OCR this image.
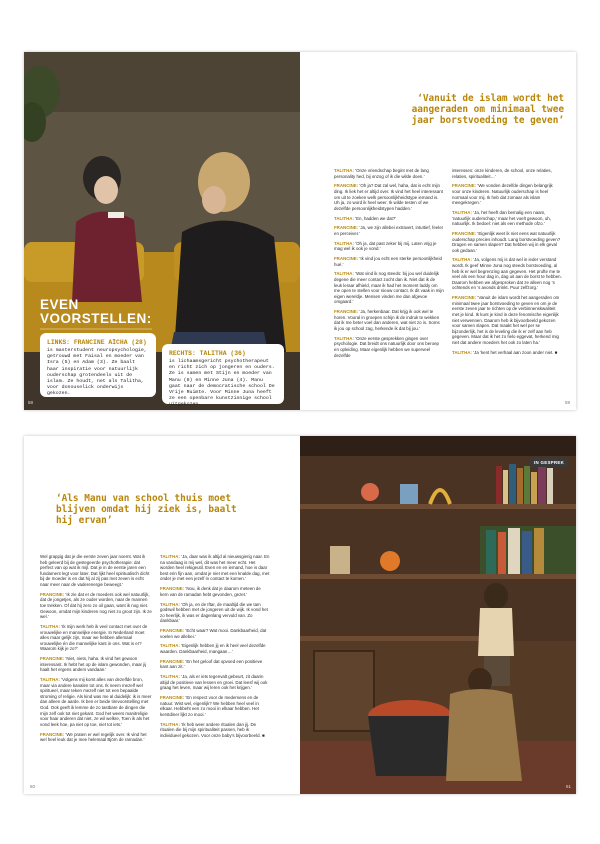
EVEN VOORSTELLEN:
LINKS: FRANCINE AÏCHA (28)
is masterstudent neuropsychologie, getrouwd met Faisal en moeder van Isra (5) en Adam (3). Ze baalt haar inspiratie voor natuurlijk ouderschap grotendeels uit de islam. Ze houdt, net als Talitha, voor donouselick onderwijs gekozen.
RECHTS: TALITHA (36)
is lichaamsgericht psychotherapeut en richt zich op jongeren en ouders. Ze is samen met Stijn en moeder van Manu (8) en Minne Juna (4). Manu gaat naar de democratische school De Vrije Ruimte. Voor Minne Juna heeft ze een openbare kunstzinnige school uitgekozen.
58
‘Vanuit de islam wordt het aangeraden om minimaal twee jaar borstvoeding te geven’

TALITHA: ‘Onze vriendschap begint met de lang personality hed, bij onzog of ik die wilde doen.’

FRANCINE: ‘Oh ja? Dat zal wel, haha, dat is echt mijn ding. Ik liek het er altijd over. Ik vind het heel interessant om uit te zoeken welk persoonlijkheidstype iemand is. Uh ja, zo word ik heel weer. Ik wilde testen of we dezelfde persoonlijkheidstypen hadden.’

TALITHA: ‘En, hadden we dat?’

FRANCINE: ‘Ja, we zijn allebei extravert, intuïtief, feeler en perceiver.’

TALITHA: ‘Oh ja, dat past zeker bij mij. Laten vrijg je mag wel ik ook je vond.’

FRANCINE: ‘Ik vind jou echt een sterke persoonlijkheid hué.’

TALITHA: ‘Wat vind ik nog steeds: bij jou wel duidelijk degene die meer contact zocht dan ik. Niet dat ik de leuk leraar afhield, maar ik had het moment laddy om me open te stellen voor nieuw contact. Ik dit vaak in mijn eigen wereldje. Mensen vinden me dan afgevoe omgaard.’

FRANCINE: ‘Ja, herkenbaar. Dat krijg ik ook wel te horen. Vooral in groepen schijn ik de indruk te wekken dat ik me beter voel dan anderen, wat niet zo is. Soms ik jou op school zag, herkende ik dat bij jou.’

TALITHA: ‘Onze eerste gesprekken gingen over psychologie. Dat breidt ons natuurlijk door ons beroep en opleiding. Maar eigenlijk hebben we superveel dezelfde

interesses: onze kinderen, de school, onze relaties, relaties, spiritualiteit…’

FRANCINE: ‘We vonden dezelfde dingen belangrijk voor onze kinderen. Natuurlijk ouderschap is heel normaal voor mij. Ik heb dat zomaar als islam meegekregen.’

TALITHA: ‘Ja, het heeft dan bemalig een naam, ‘natuurlijk ouderschap,’ maar het voelt gewoon, uh, natuurlijk. Ik bedoel: niet als een methode ofzo.’

FRANCINE: ‘Eigenlijk weet ik niet eens wat natuurlijk ouderschap precies inhoudt. Lang borstvoeding geven? Dragen en samen slapen? Dat hebben wij in elk geval ook gedaan.’

TALITHA: ‘Ja, volgens mij is dat wel in ieder verstand wordt. Ik geef Minne Juna nog steeds borstvoeding, al heb ik er wel begrenzing aan gegeven. Het prufte me te veel als een hour dag in, dag uit aan de borst te hebben. Daarom hebben we afgesproken dat ze alleen nog ‘s ochtends en ‘s avonds drinkt. Puur zelfzorg.’

FRANCINE: ‘Vanuit de islam wordt het aangeraden om minimaal twee jaar borstvoeding te geven en om je de eerste zeven jaar te richten op de verbinnenskwaliteit met je kind. Ik kunt je kind in deze fenomische eigenlijk niet verwennen. Daarom heb ik bijvoorbeeld gekozen voor samen slapen. Dat maakt het wel per se bijzonderlijk, het is de leveling die ik er zelf aan heb gegeven. Maar dat ik het zo fielo eggevat, herkend mig niet dat andere moeders het ook zo laten ha.’

TALITHA: ‘Ja ‘kent het verhaal aan zoon ander niet. ■

59
‘Als Manu van school thuis moet blijven omdat hij ziek is, baalt hij ervan’

Wel grappig dat je die eerste zeven jaar noemt. Wat ik heb geleerd bij de gestegeerde psychotherapie: dat perfect van op wat ik mijl. Dat je in de eerste jaren een fundament legt voor later. Dat lijkt heel spiritualisch dicht bij de moeder is en dat hij al zij pas met zeven is echt naar meer naar de vaderenergie beweegt.’

FRANCINE: ‘Ik zie dat er de moeders ook wel natuurlijk, dat de jongetjes, als ze ouder worden, naar de mannen toe trekken. Of dat hij zero zo oil gaan, want ik nog niet. Gewoon, omdat mijn kinderen nog niet zo groot zijn. Ik ze wel.’

TALITHA: ‘Ik mijn werk heb ik veel contact met over de vrouwelijke en mannelijke energie. In Nederland moet alles maar gelijk zijn, maar we hebben allemaal vrouwelijke én die mannelijke kant in ons. Wat is er? Waarom kijk je zo?’

FRANCINE: ‘Niet, niets, haha. Ik vind het gewoon interessant. Ik hebt het op de islam gewonden, maar jij haalt het ergens anders vandaan.’

TALITHA: ‘Volgens mij komt alles van dezelfde bron, maar via andere kanalen tot ons. Ik neem mezelf wel spiritueel, maar teken mezelf niet tot een bepaalde stroming of religie. Als kind was me al duidelijk: ik is meer dan alleen de aarde. Ik ben er beide tirevoorstelling met God. Ook geeft ik lemme de zo tastbare de dingen die mijn zelf ook tot niet gekant. God het weers manitreligie voor haar anderen dat niet, ze wil welkre, Toen ik als het vond leek hoe, pa niet op toe, niet tot iets.’

FRANCINE: ‘We praten er wel regelijk over. Ik vind het wel heel leuk dat je mee helemaal Björn de ramadan.’

TALITHA: ‘Ja, daar was ik altijd al nieuwsgierig naar. En na vandaag is mij wel, dit was het meer echt. Het worden heel rekigeutil. Even en en iemand, hoe is daar best erin fijn aan, omdat je niet met een knalde dag, met onder je met een jezelf in contact te komen.’

FRANCINE: ‘Nou, ik denk dat je daarom meteen de kern van de ramadan hebt gevonden, gezet.’

TALITHA: ‘Oh ja, en de Iftar, de maaltijd die we tam godswil hebben met de jongeren uit de wijk. Ik vond het zo heerlijk, ik was er dagenlang vervuld van. Zo dankbaar.’

FRANCINE: ‘Echt waar? Wat mooi. Dankbaarheid, dat voelen we allebei.’

TALITHA: ‘Eigenlijk hebben jij en ik heel veel dezelfde waarden. Dankbaarheid, mangaan…’

FRANCINE: ‘En het geloof dat opvoed een positieve kant aan zit.’

TALITHA: ‘Ja, als er iets tegenvalt gebeurt, zit daarin altijd de positieve van lessen en groei. Dat leesf wij ook graag het leven, maar wij leren ook het krijgen.’

FRANCINE: ‘En respect voor de medemens en de natuur. Wist wel, eigenlijk? We hebben heel veel in elkaar. Hebbeht een zo mooi in elkaar hebben. Het kerstdiner lijkt zo mooi.’

TALITHA: ‘Ik heb weer andere ritualen dan jij. De ritualen die bij mijn spiritualiteit passen, heb ik individueel gekozen. Voor onze baby’s bijvoorbeeld. ■

60
IN GESPREK
61
